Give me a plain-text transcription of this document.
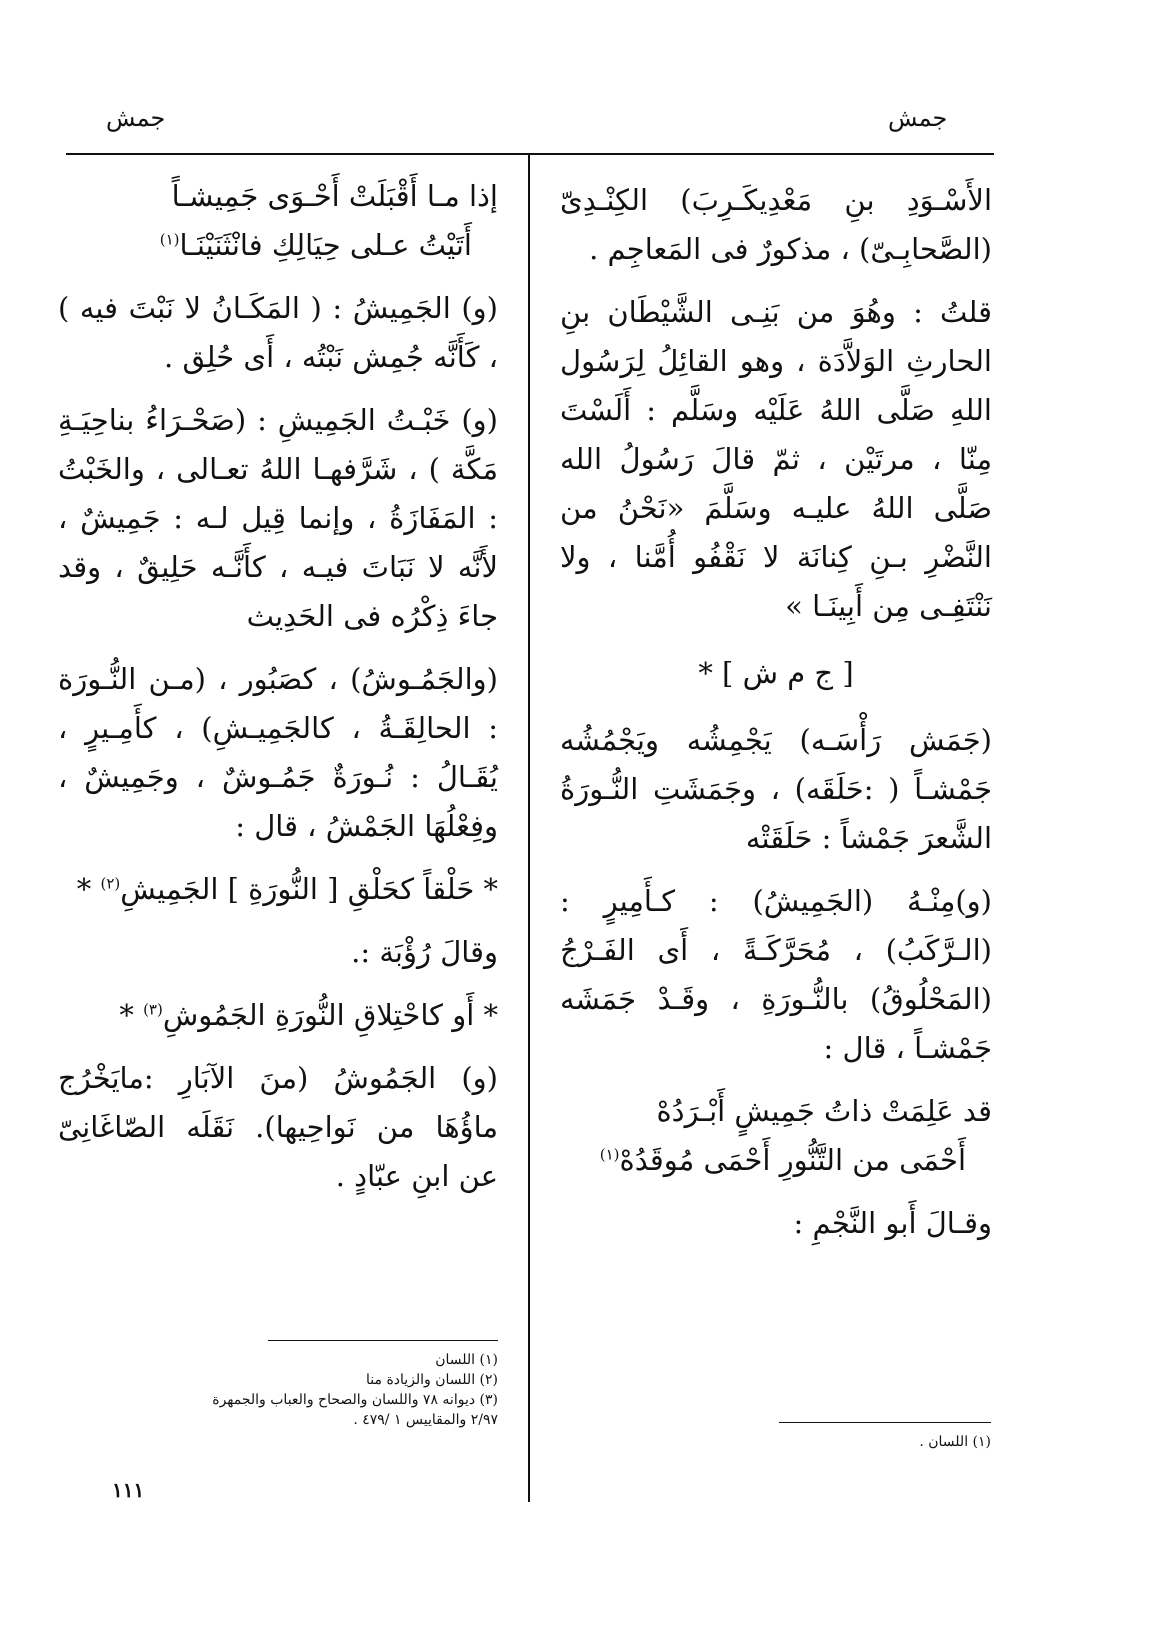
جمش
جمش

الأَسْـوَدِ بنِ مَعْدِيكَـرِبَ) الكِنْـدِىّ (الصَّحابِـىّ) ، مذكورٌ فى المَعاجِم .

قلتُ : وهُوَ من بَنِـى الشَّيْطَان بنِ الحارثِ الوَلاَّدَة ، وهو القائِلُ لِرَسُول اللهِ صَلَّى اللهُ عَلَيْه وسَلَّم : أَلَسْتَ مِنّا ، مرتَيْن ، ثمّ قالَ رَسُولُ الله صَلَّى اللهُ عليـه وسَلَّمَ «نَحْنُ من النَّضْرِ بـنِ كِنانَة لا نَقْفُو أُمَّنا ، ولا نَنْتَفِـى مِن أَبِينَـا »

[ ج م ش ] *

(جَمَش رَأْسَـه) يَجْمِشُه ويَجْمُشُه جَمْشـاً ( :حَلَقَه) ، وجَمَشَتِ النُّـورَةُ الشَّعرَ جَمْشاً : حَلَقَتْه

(و)مِنْـهُ (الجَمِيشُ) : كـأَمِيرٍ : (الـرَّكَبُ) ، مُحَرَّكَـةً ، أَى الفَـرْجُ (المَحْلُوقُ) بالنُّـورَةِ ، وقَـدْ جَمَشَه جَمْشـاً ، قال :

قد عَلِمَتْ ذاتُ جَمِيشٍ أَبْـرَدُهْ
أَحْمَى من التَّنُّورِ أَحْمَى مُوقَدُهْ$^{(١)}$

وقـالَ أَبو النَّجْمِ :

(١) اللسان .
إذا مـا أَقْبَلَتْ أَحْـوَى جَمِيشـاً
أَتَيْتُ عـلى حِيَالِكِ فانْثَنَيْنَـا$^{(١)}$

(و) الجَمِيشُ : ( المَكَـانُ لا نَبْتَ فيه ) ، كَأَنَّه جُمِش نَبْتُه ، أَى حُلِق .

(و) خَبْـتُ الجَمِيشِ : (صَحْـرَاءُ بناحِيَـةِ مَكَّة ) ، شَرَّفهـا اللهُ تعـالى ، والخَبْتُ : المَفَازَةُ ، وإنما قِيل لـه : جَمِيشٌ ، لأَنَّه لا نَبَاتَ فيـه ، كأَنَّـه حَلِيقٌ ، وقد جاءَ ذِكْرُه فى الحَدِيث

(والجَمُـوشُ) ، كصَبُور ، (مـن النُّـورَة : الحالِقَـةُ ، كالجَمِيـشِ) ، كأَمِـيرٍ ، يُقَـالُ : نُـورَةٌ جَمُـوشٌ ، وجَمِيشٌ ، وفِعْلُهَا الجَمْشُ ، قال :

* حَلْقاً كحَلْقِ [ النُّورَةِ ] الجَمِيشِ$^{(٢)}$ *

وقالَ رُؤْبَة :.

* أَو كاحْتِلاقِ النُّورَةِ الجَمُوشِ$^{(٣)}$ *

(و) الجَمُوشُ (منَ الآبَارِ :مايَخْرُج ماؤُهَا من نَواحِيها). نَقَلَه الصّاغَانِىّ عن ابنِ عبّادٍ .

(١) اللسان
(٢) اللسان والزيادة منا
(٣) ديوانه ٧٨ واللسان والصحاح والعباب والجمهرة
٢/٩٧ والمقاييس ١ /٤٧٩ .
١١١
